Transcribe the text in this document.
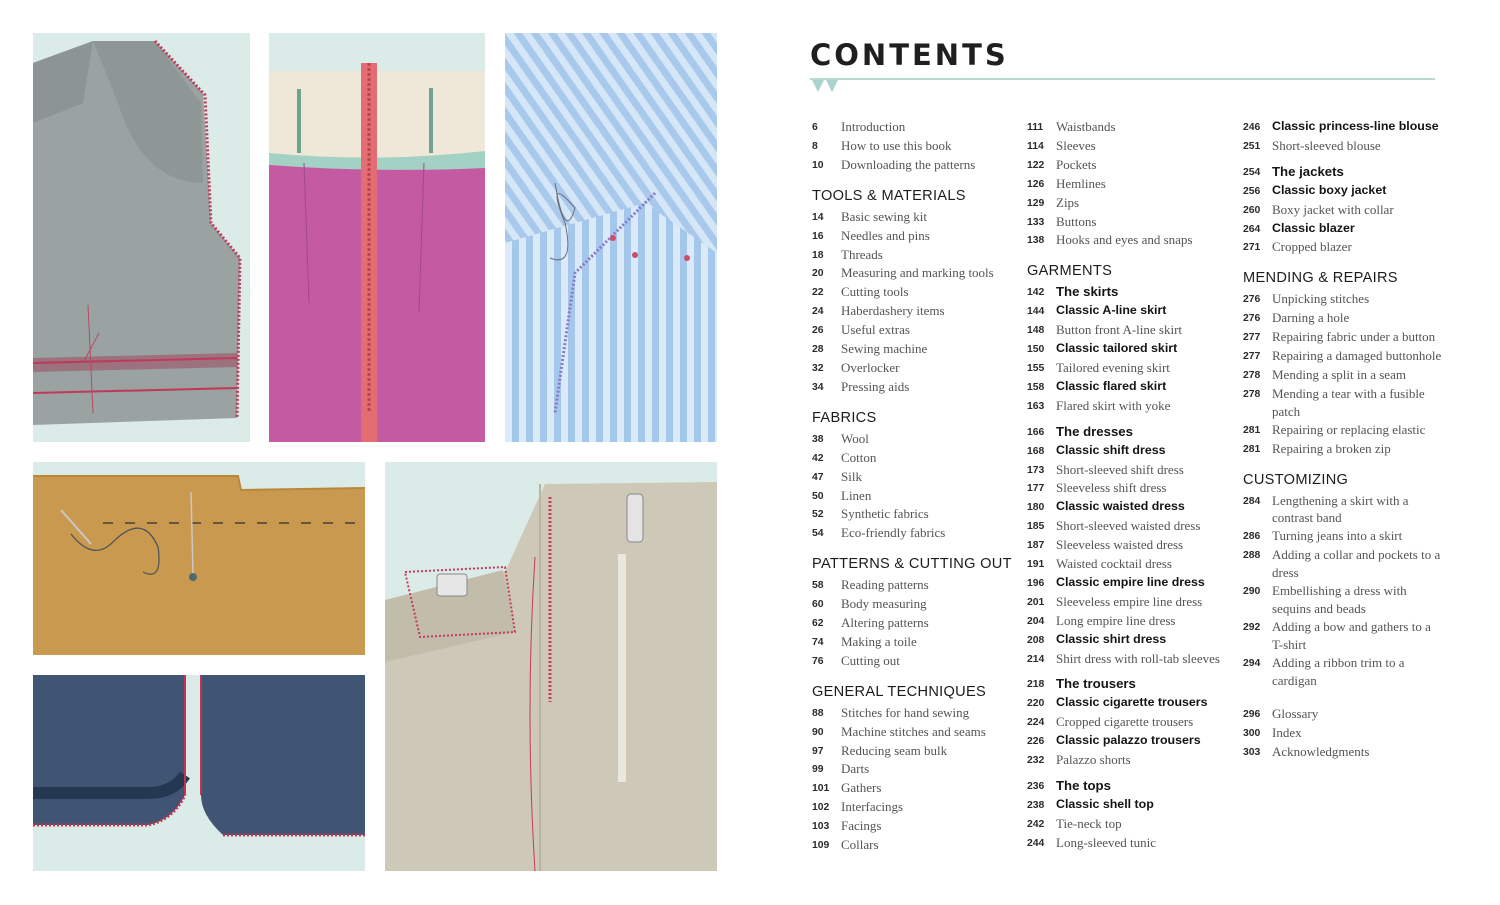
CONTENTS
6	Introduction
8	How to use this book
10	Downloading the patterns
TOOLS & MATERIALS
14	Basic sewing kit
16	Needles and pins
18	Threads
20	Measuring and marking tools
22	Cutting tools
24	Haberdashery items
26	Useful extras
28	Sewing machine
32	Overlocker
34	Pressing aids
FABRICS
38	Wool
42	Cotton
47	Silk
50	Linen
52	Synthetic fabrics
54	Eco-friendly fabrics
PATTERNS & CUTTING OUT
58	Reading patterns
60	Body measuring
62	Altering patterns
74	Making a toile
76	Cutting out
GENERAL TECHNIQUES
88	Stitches for hand sewing
90	Machine stitches and seams
97	Reducing seam bulk
99	Darts
101 Gathers
102 Interfacings
103 Facings
109 Collars
111 Waistbands
114 Sleeves
122 Pockets
126 Hemlines
129 Zips
133 Buttons
138 Hooks and eyes and snaps
GARMENTS
142 The skirts
144 Classic A-line skirt
148 Button front A-line skirt
150 Classic tailored skirt
155 Tailored evening skirt
158 Classic flared skirt
163 Flared skirt with yoke
166 The dresses
168 Classic shift dress
173 Short-sleeved shift dress
177 Sleeveless shift dress
180 Classic waisted dress
185 Short-sleeved waisted dress
187 Sleeveless waisted dress
191 Waisted cocktail dress
196 Classic empire line dress
201 Sleeveless empire line dress
204 Long empire line dress
208 Classic shirt dress
214 Shirt dress with roll-tab sleeves
218 The trousers
220 Classic cigarette trousers
224 Cropped cigarette trousers
226 Classic palazzo trousers
232 Palazzo shorts
236 The tops
238 Classic shell top
242 Tie-neck top
244 Long-sleeved tunic
246 Classic princess-line blouse
251 Short-sleeved blouse
254 The jackets
256 Classic boxy jacket
260 Boxy jacket with collar
264 Classic blazer
271 Cropped blazer
MENDING & REPAIRS
276 Unpicking stitches
276 Darning a hole
277 Repairing fabric under a button
277 Repairing a damaged buttonhole
278 Mending a split in a seam
278 Mending a tear with a fusible patch
281 Repairing or replacing elastic
281 Repairing a broken zip
CUSTOMIZING
284 Lengthening a skirt with a contrast band
286 Turning jeans into a skirt
288 Adding a collar and pockets to a dress
290 Embellishing a dress with sequins and beads
292 Adding a bow and gathers to a T-shirt
294 Adding a ribbon trim to a cardigan
296 Glossary
300 Index
303 Acknowledgments
